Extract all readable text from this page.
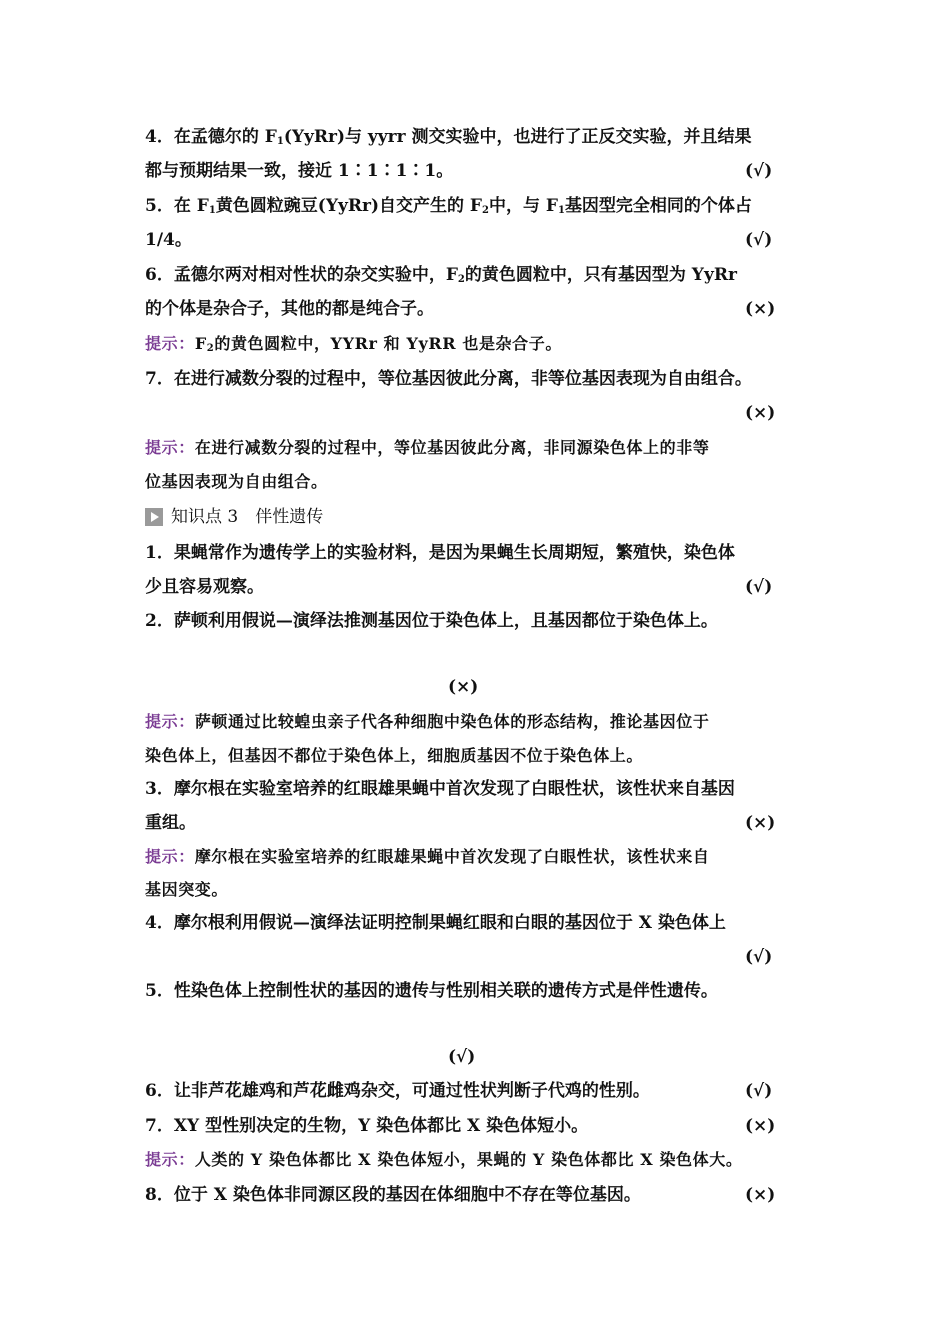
4．在孟德尔的 $F_1(YyRr)$与 yyrr 测交实验中，也进行了正反交实验，并且结果
都与预期结果一致，接近 1∶1∶1∶1。	(√)
5．在 $F_1$黄色圆粒豌豆(YyRr)自交产生的 $F_2$中，与 $F_1$基因型完全相同的个体占
1/4。	(√)
6．孟德尔两对相对性状的杂交实验中，$F_2$的黄色圆粒中，只有基因型为 YyRr
的个体是杂合子，其他的都是纯合子。	(×)
提示：$F_2$的黄色圆粒中，YYRr 和 YyRR 也是杂合子。
7．在进行减数分裂的过程中，等位基因彼此分离，非等位基因表现为自由组合。
(×)
提示：在进行减数分裂的过程中，等位基因彼此分离，非同源染色体上的非等
位基因表现为自由组合。
知识点 3　伴性遗传
1．果蝇常作为遗传学上的实验材料，是因为果蝇生长周期短，繁殖快，染色体
少且容易观察。	(√)
2．萨顿利用假说—演绎法推测基因位于染色体上，且基因都位于染色体上。
(×)
提示：萨顿通过比较蝗虫亲子代各种细胞中染色体的形态结构，推论基因位于
染色体上，但基因不都位于染色体上，细胞质基因不位于染色体上。
3．摩尔根在实验室培养的红眼雄果蝇中首次发现了白眼性状，该性状来自基因
重组。	(×)
提示：摩尔根在实验室培养的红眼雄果蝇中首次发现了白眼性状，该性状来自
基因突变。
4．摩尔根利用假说—演绎法证明控制果蝇红眼和白眼的基因位于 X 染色体上
(√)
5．性染色体上控制性状的基因的遗传与性别相关联的遗传方式是伴性遗传。
(√)
6．让非芦花雄鸡和芦花雌鸡杂交，可通过性状判断子代鸡的性别。	(√)
7．XY 型性别决定的生物，Y 染色体都比 X 染色体短小。	(×)
提示：人类的 Y 染色体都比 X 染色体短小，果蝇的 Y 染色体都比 X 染色体大。
8．位于 X 染色体非同源区段的基因在体细胞中不存在等位基因。	(×)
